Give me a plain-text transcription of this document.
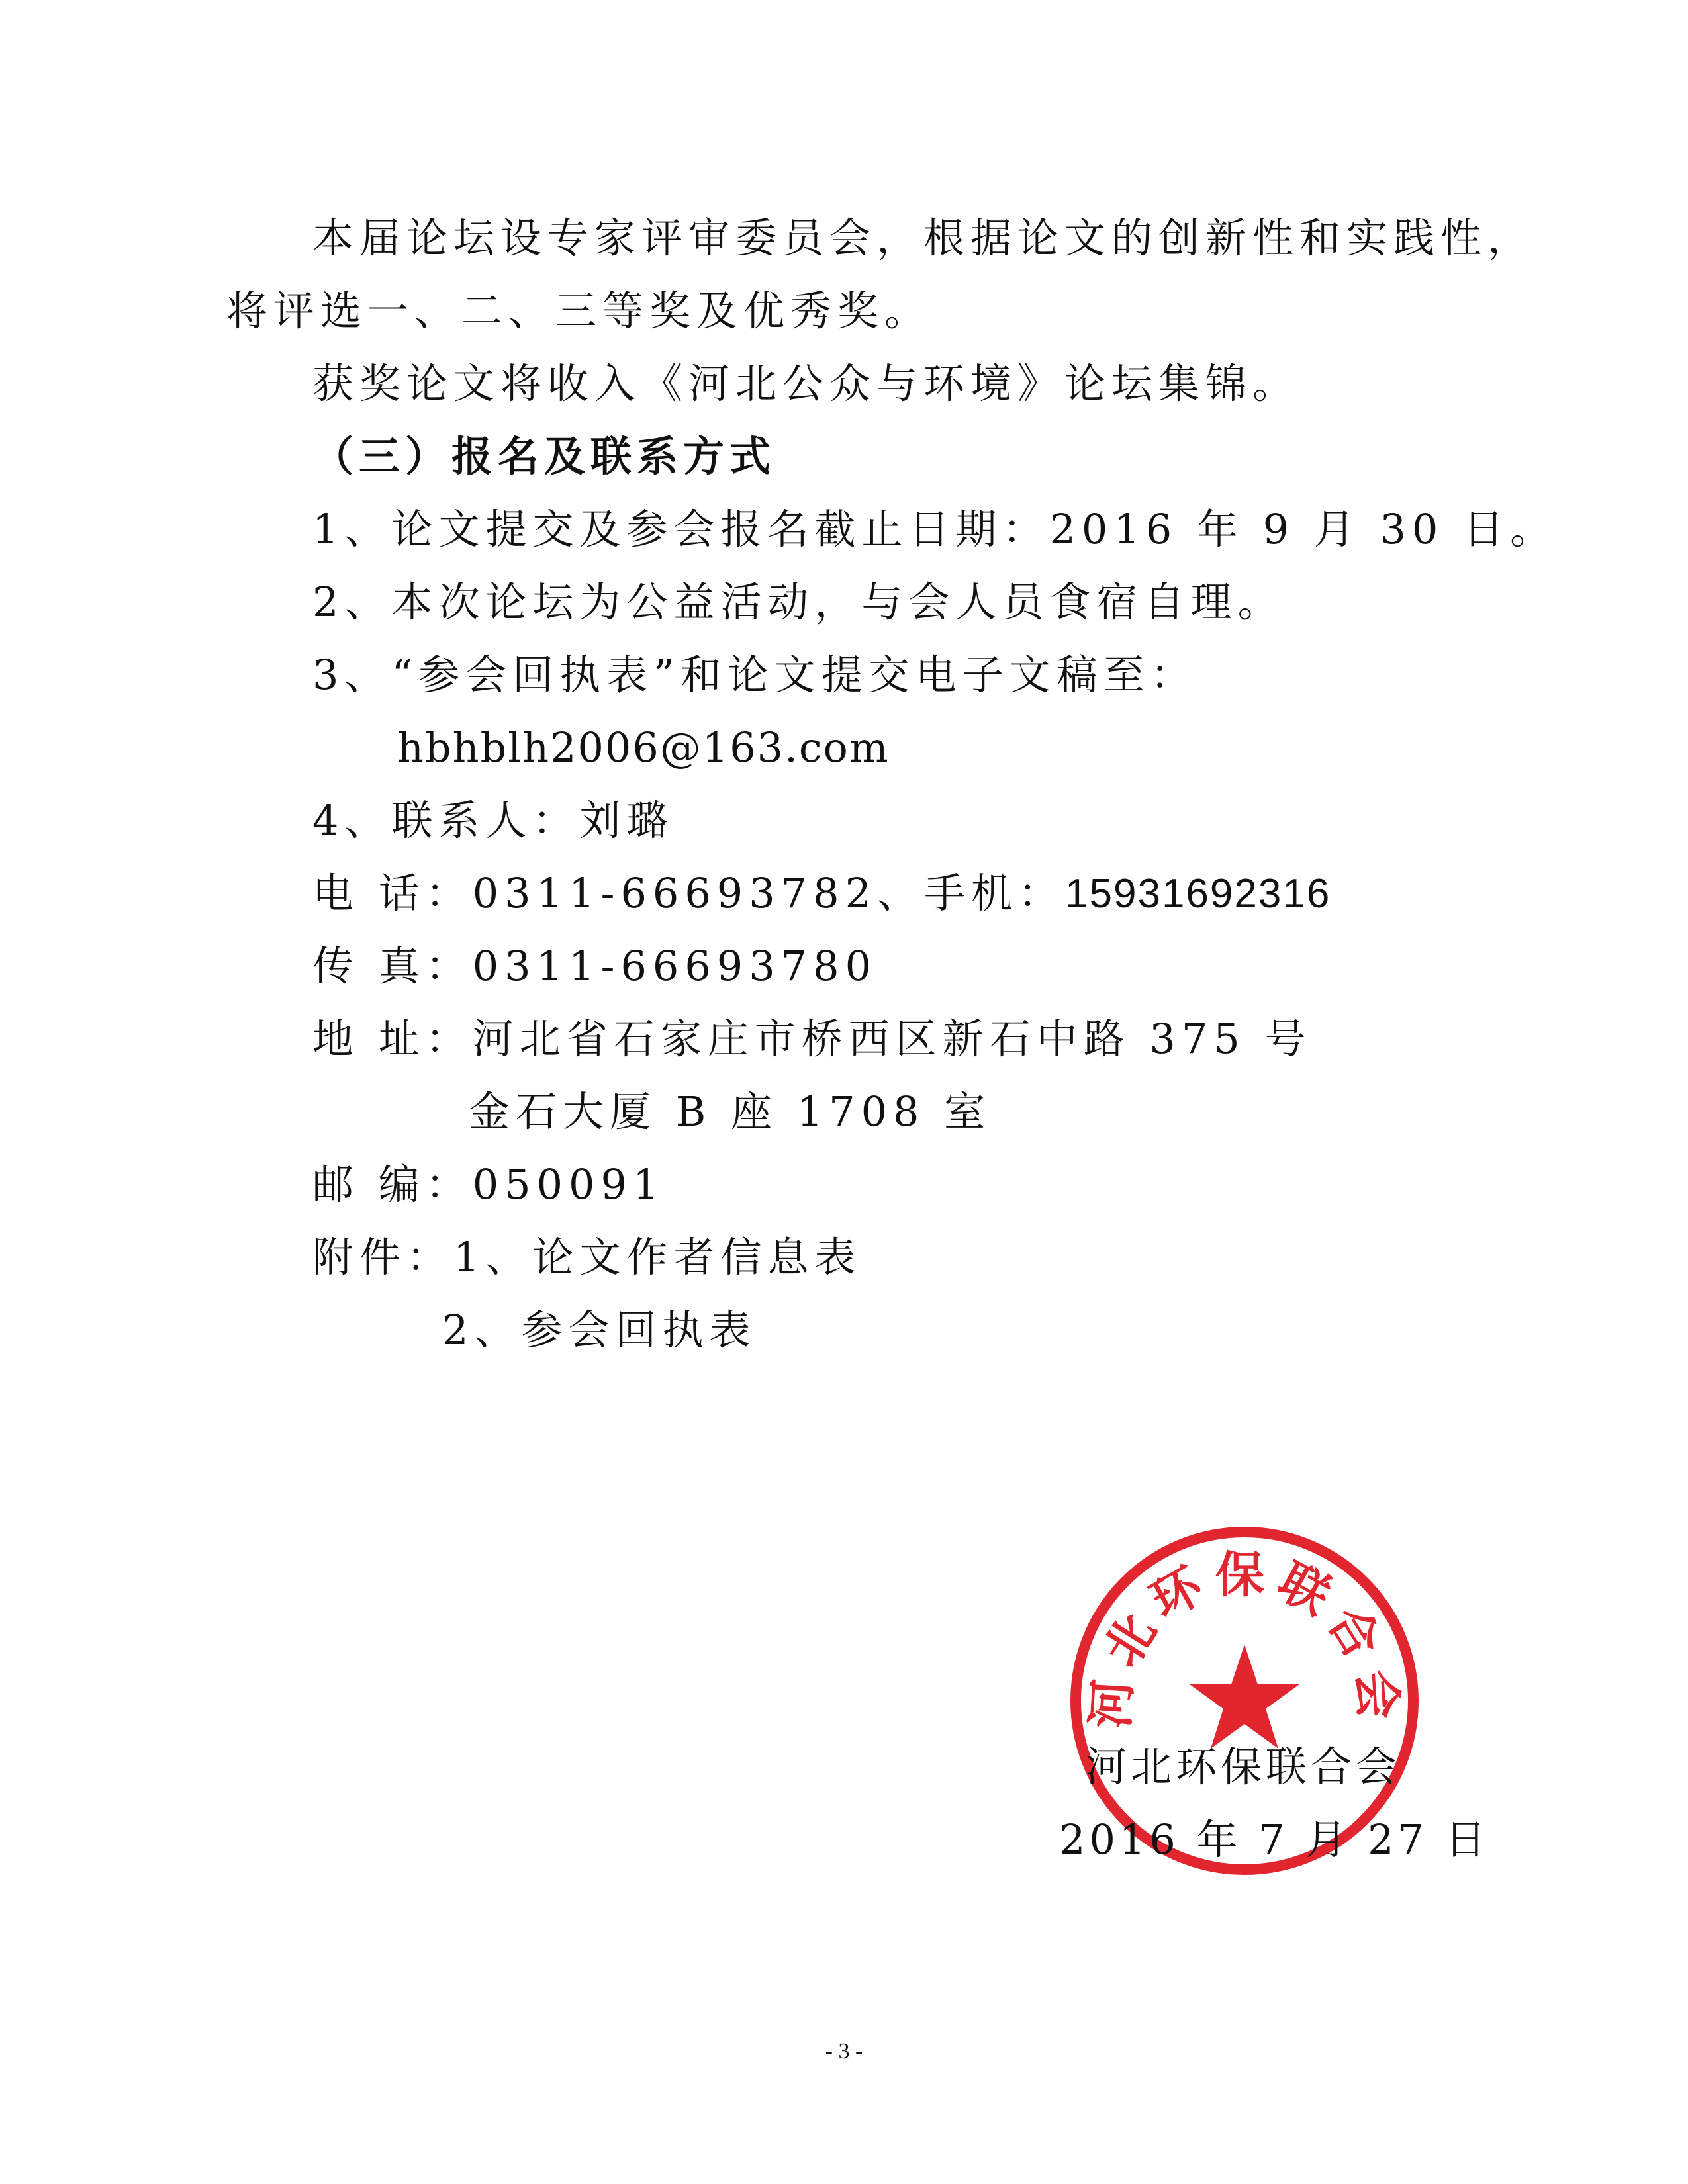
本届论坛设专家评审委员会，根据论文的创新性和实践性，
将评选一、二、三等奖及优秀奖。
获奖论文将收入《河北公众与环境》论坛集锦。
（三）报名及联系方式
1、论文提交及参会报名截止日期：2016 年 9 月 30 日。
2、本次论坛为公益活动，与会人员食宿自理。
3、“参会回执表”和论文提交电子文稿至：
hbhblh2006@163.com
4、联系人：刘璐
电 话：0311-66693782、手机：15931692316
传 真：0311-66693780
地 址：河北省石家庄市桥西区新石中路 375 号
金石大厦 B 座 1708 室
邮 编：050091
附件：1、论文作者信息表
2、参会回执表
河北环保联合会
河北环保联合会
2016 年 7 月 27 日
- 3 -
